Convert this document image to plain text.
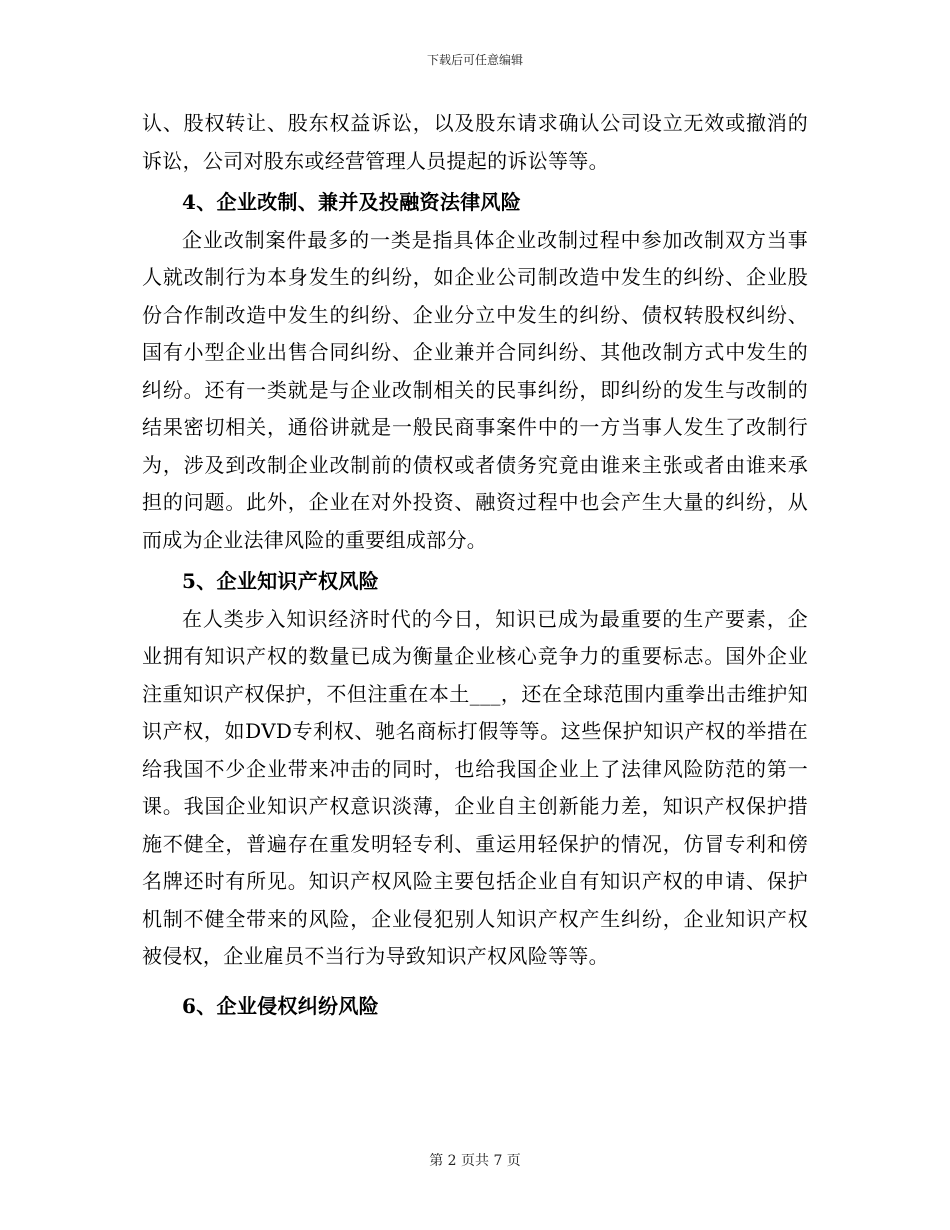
下载后可任意编辑

认、股权转让、股东权益诉讼，以及股东请求确认公司设立无效或撤消的诉讼，公司对股东或经营管理人员提起的诉讼等等。

4、企业改制、兼并及投融资法律风险

企业改制案件最多的一类是指具体企业改制过程中参加改制双方当事人就改制行为本身发生的纠纷，如企业公司制改造中发生的纠纷、企业股份合作制改造中发生的纠纷、企业分立中发生的纠纷、债权转股权纠纷、国有小型企业出售合同纠纷、企业兼并合同纠纷、其他改制方式中发生的纠纷。还有一类就是与企业改制相关的民事纠纷，即纠纷的发生与改制的结果密切相关，通俗讲就是一般民商事案件中的一方当事人发生了改制行为，涉及到改制企业改制前的债权或者债务究竟由谁来主张或者由谁来承担的问题。此外，企业在对外投资、融资过程中也会产生大量的纠纷，从而成为企业法律风险的重要组成部分。

5、企业知识产权风险

在人类步入知识经济时代的今日，知识已成为最重要的生产要素，企业拥有知识产权的数量已成为衡量企业核心竞争力的重要标志。国外企业注重知识产权保护，不但注重在本土___，还在全球范围内重拳出击维护知识产权，如DVD专利权、驰名商标打假等等。这些保护知识产权的举措在给我国不少企业带来冲击的同时，也给我国企业上了法律风险防范的第一课。我国企业知识产权意识淡薄，企业自主创新能力差，知识产权保护措施不健全，普遍存在重发明轻专利、重运用轻保护的情况，仿冒专利和傍名牌还时有所见。知识产权风险主要包括企业自有知识产权的申请、保护机制不健全带来的风险，企业侵犯别人知识产权产生纠纷，企业知识产权被侵权，企业雇员不当行为导致知识产权风险等等。

6、企业侵权纠纷风险

第 2 页共 7 页
